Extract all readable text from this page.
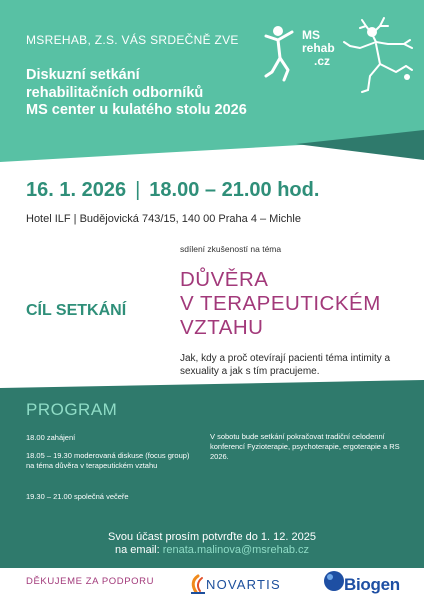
MSREHAB, Z.S. VÁS SRDEČNĚ ZVE
Diskuzní setkání
rehabilitačních odborníků
MS center u kulatého stolu 2026
MS
rehab
.cz
16. 1. 2026 | 18.00 – 21.00 hod.
Hotel ILF | Budějovická 743/15, 140 00 Praha 4 – Michle
sdílení zkušeností na téma
CÍL SETKÁNÍ
DŮVĚRA
V TERAPEUTICKÉM
VZTAHU
Jak, kdy a proč otevírají pacienti téma intimity a sexuality a jak s tím pracujeme.
PROGRAM
18.00 zahájení
18.05 – 19.30 moderovaná diskuse (focus group) na téma důvěra v terapeutickém vztahu
19.30 – 21.00 společná večeře
V sobotu bude setkání pokračovat tradiční celodenní konferencí Fyzioterapie, psychoterapie, ergoterapie a RS 2026.
Svou účast prosím potvrďte do 1. 12. 2025
na email: renata.malinova@msrehab.cz
DĚKUJEME ZA PODPORU	NOVARTIS	Biogen
